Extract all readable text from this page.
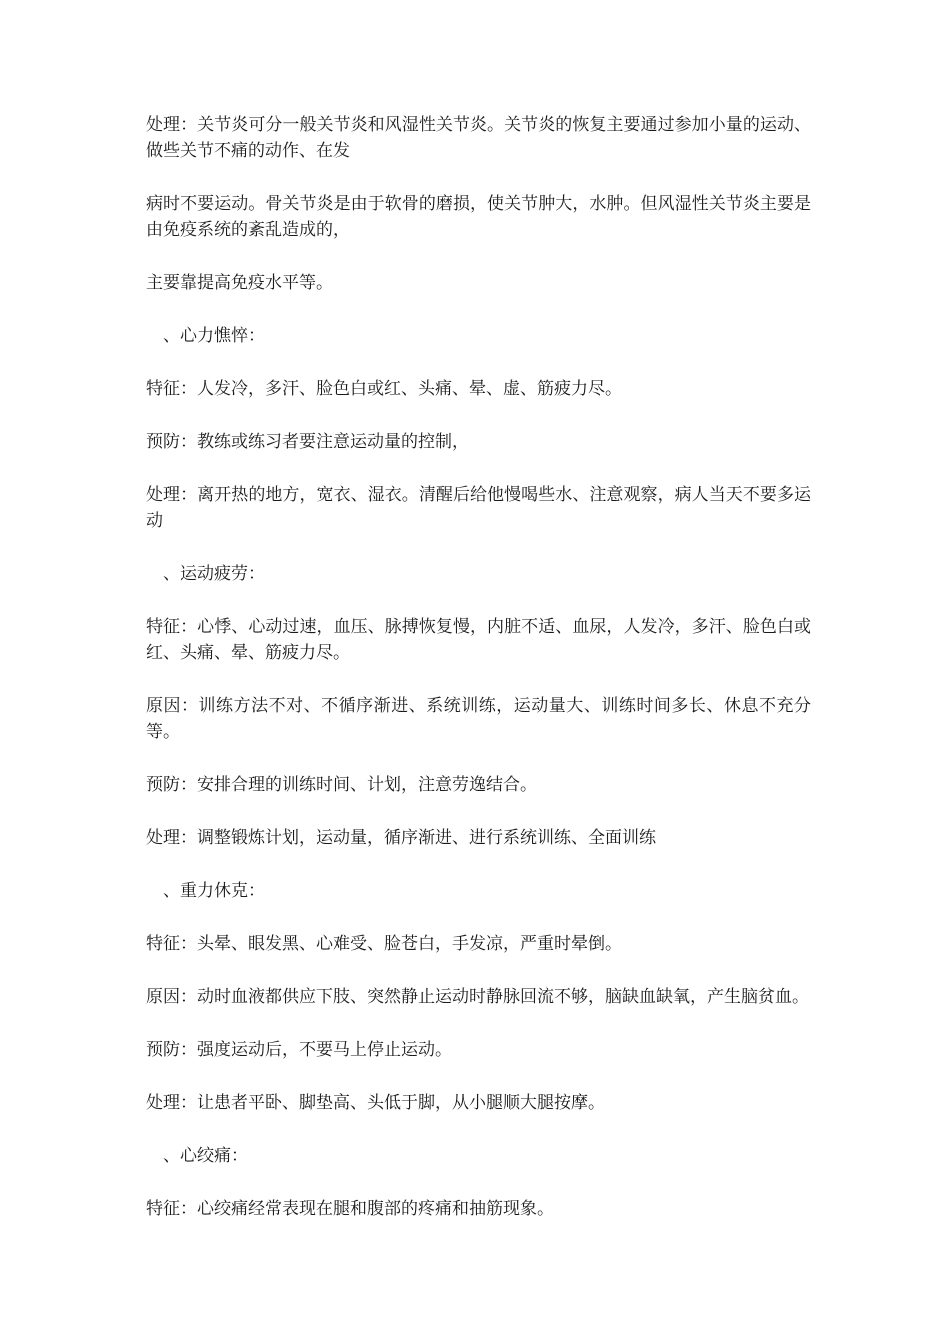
处理：关节炎可分一般关节炎和风湿性关节炎。关节炎的恢复主要通过参加小量的运动、做些关节不痛的动作、在发

病时不要运动。骨关节炎是由于软骨的磨损，使关节肿大，水肿。但风湿性关节炎主要是由免疫系统的紊乱造成的，

主要靠提高免疫水平等。

、心力憔悴：

特征：人发冷，多汗、脸色白或红、头痛、晕、虚、筋疲力尽。

预防：教练或练习者要注意运动量的控制，

处理：离开热的地方，宽衣、湿衣。清醒后给他慢喝些水、注意观察，病人当天不要多运动

、运动疲劳：

特征：心悸、心动过速，血压、脉搏恢复慢，内脏不适、血尿，人发冷，多汗、脸色白或红、头痛、晕、筋疲力尽。

原因：训练方法不对、不循序渐进、系统训练，运动量大、训练时间多长、休息不充分等。

预防：安排合理的训练时间、计划，注意劳逸结合。

处理：调整锻炼计划，运动量，循序渐进、进行系统训练、全面训练

、重力休克：

特征：头晕、眼发黑、心难受、脸苍白，手发凉，严重时晕倒。

原因：动时血液都供应下肢、突然静止运动时静脉回流不够，脑缺血缺氧，产生脑贫血。

预防：强度运动后，不要马上停止运动。

处理：让患者平卧、脚垫高、头低于脚，从小腿顺大腿按摩。

、心绞痛：

特征：心绞痛经常表现在腿和腹部的疼痛和抽筋现象。
